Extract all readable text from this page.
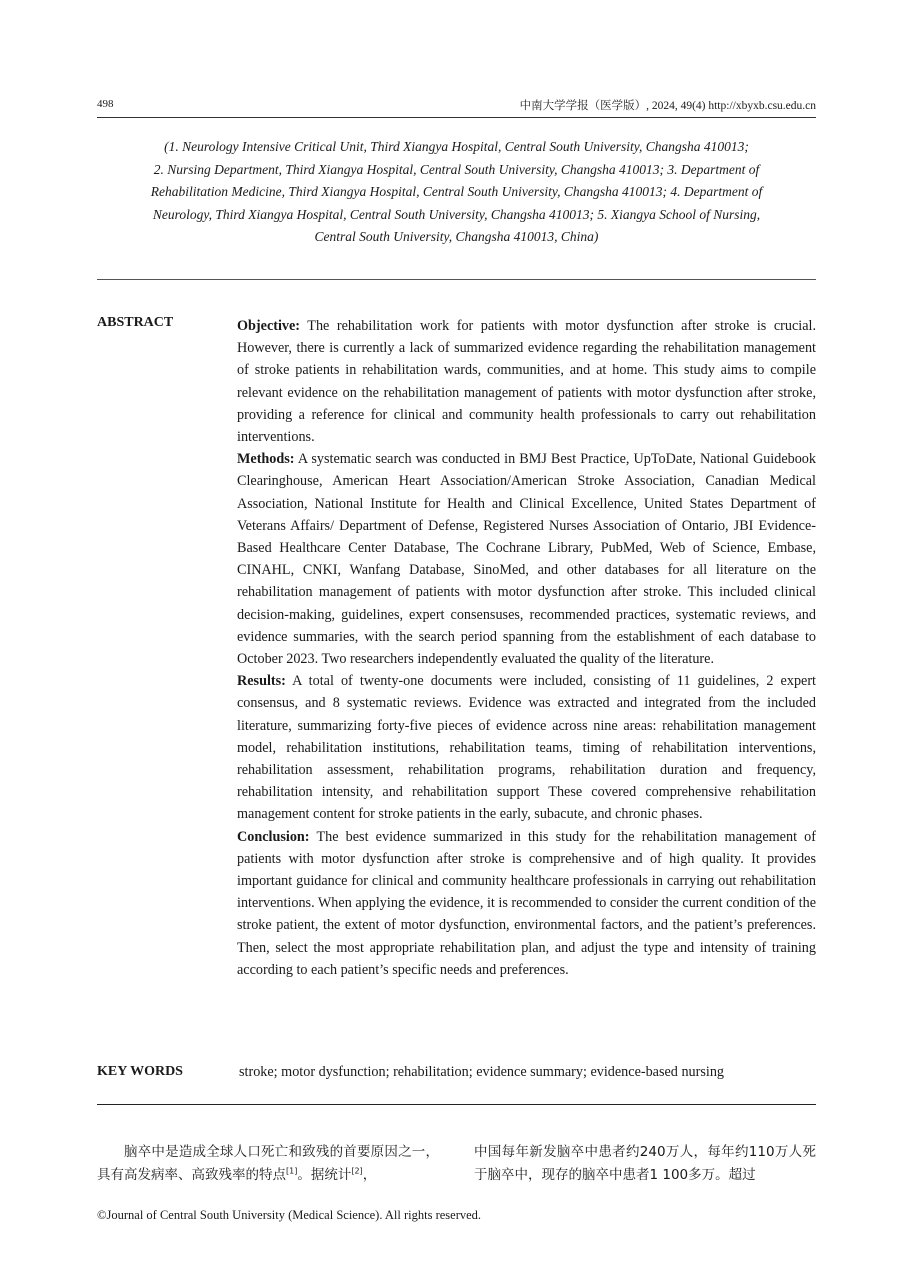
498	中南大学学报（医学版）, 2024, 49(4) http://xbyxb.csu.edu.cn
(1. Neurology Intensive Critical Unit, Third Xiangya Hospital, Central South University, Changsha 410013;
2. Nursing Department, Third Xiangya Hospital, Central South University, Changsha 410013; 3. Department of
Rehabilitation Medicine, Third Xiangya Hospital, Central South University, Changsha 410013; 4. Department of
Neurology, Third Xiangya Hospital, Central South University, Changsha 410013; 5. Xiangya School of Nursing,
Central South University, Changsha 410013, China)
ABSTRACT	Objective: The rehabilitation work for patients with motor dysfunction after stroke is crucial. However, there is currently a lack of summarized evidence regarding the rehabilitation management of stroke patients in rehabilitation wards, communities, and at home. This study aims to compile relevant evidence on the rehabilitation management of patients with motor dysfunction after stroke, providing a reference for clinical and community health professionals to carry out rehabilitation interventions.

Methods: A systematic search was conducted in BMJ Best Practice, UpToDate, National Guidebook Clearinghouse, American Heart Association/American Stroke Association, Canadian Medical Association, National Institute for Health and Clinical Excellence, United States Department of Veterans Affairs/ Department of Defense, Registered Nurses Association of Ontario, JBI Evidence-Based Healthcare Center Database, The Cochrane Library, PubMed, Web of Science, Embase, CINAHL, CNKI, Wanfang Database, SinoMed, and other databases for all literature on the rehabilitation management of patients with motor dysfunction after stroke. This included clinical decision-making, guidelines, expert consensuses, recommended practices, systematic reviews, and evidence summaries, with the search period spanning from the establishment of each database to October 2023. Two researchers independently evaluated the quality of the literature.

Results: A total of twenty-one documents were included, consisting of 11 guidelines, 2 expert consensus, and 8 systematic reviews. Evidence was extracted and integrated from the included literature, summarizing forty-five pieces of evidence across nine areas: rehabilitation management model, rehabilitation institutions, rehabilitation teams, timing of rehabilitation interventions, rehabilitation assessment, rehabilitation programs, rehabilitation duration and frequency, rehabilitation intensity, and rehabilitation support These covered comprehensive rehabilitation management content for stroke patients in the early, subacute, and chronic phases.

Conclusion: The best evidence summarized in this study for the rehabilitation management of patients with motor dysfunction after stroke is comprehensive and of high quality. It provides important guidance for clinical and community healthcare professionals in carrying out rehabilitation interventions. When applying the evidence, it is recommended to consider the current condition of the stroke patient, the extent of motor dysfunction, environmental factors, and the patient’s preferences. Then, select the most appropriate rehabilitation plan, and adjust the type and intensity of training according to each patient’s specific needs and preferences.

KEY WORDS	stroke; motor dysfunction; rehabilitation; evidence summary; evidence-based nursing

脑卒中是造成全球人口死亡和致残的首要原因之一，具有高发病率、高致残率的特点[1]。据统计[2]，

中国每年新发脑卒中患者约240万人，每年约110万人死于脑卒中，现存的脑卒中患者1 100多万。超过

©Journal of Central South University (Medical Science). All rights reserved.
